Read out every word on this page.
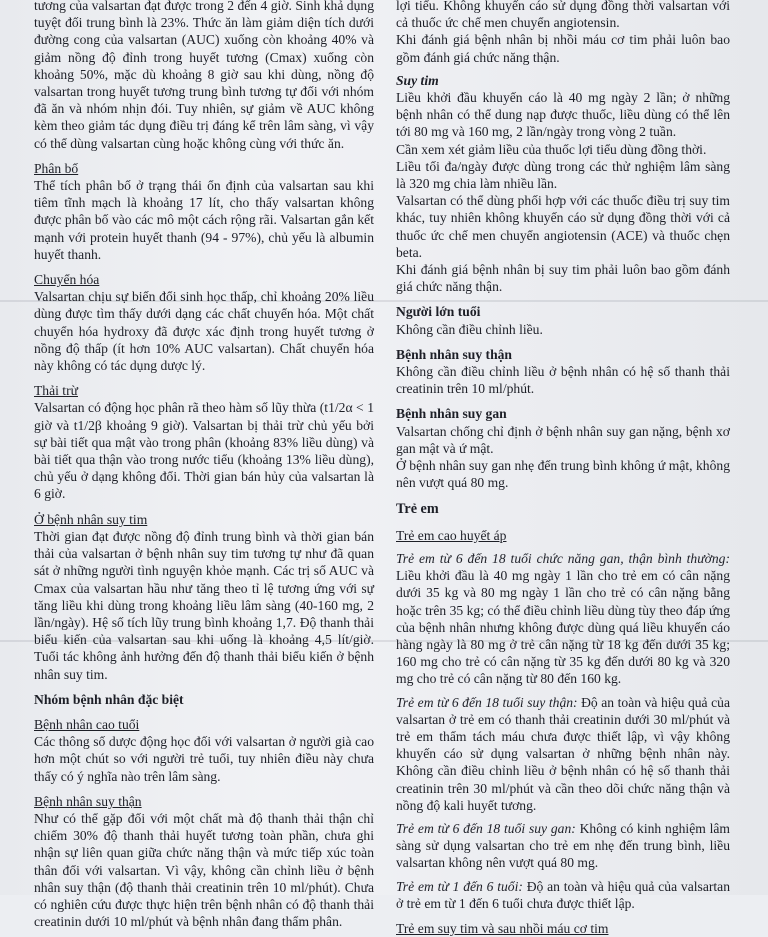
tương của valsartan đạt được trong 2 đến 4 giờ. Sinh khả dụng tuyệt đối trung bình là 23%. Thức ăn làm giảm diện tích dưới đường cong của valsartan (AUC) xuống còn khoảng 40% và giảm nồng độ đỉnh trong huyết tương (Cmax) xuống còn khoảng 50%, mặc dù khoảng 8 giờ sau khi dùng, nồng độ valsartan trong huyết tương trung bình tương tự đối với nhóm đã ăn và nhóm nhịn đói. Tuy nhiên, sự giảm về AUC không kèm theo giảm tác dụng điều trị đáng kể trên lâm sàng, vì vậy có thể dùng valsartan cùng hoặc không cùng với thức ăn.

Phân bố

Thể tích phân bố ở trạng thái ổn định của valsartan sau khi tiêm tĩnh mạch là khoảng 17 lít, cho thấy valsartan không được phân bố vào các mô một cách rộng rãi. Valsartan gắn kết mạnh với protein huyết thanh (94 - 97%), chủ yếu là albumin huyết thanh.

Chuyển hóa

Valsartan chịu sự biến đổi sinh học thấp, chỉ khoảng 20% liều dùng được tìm thấy dưới dạng các chất chuyển hóa. Một chất chuyển hóa hydroxy đã được xác định trong huyết tương ở nồng độ thấp (ít hơn 10% AUC valsartan). Chất chuyển hóa này không có tác dụng dược lý.

Thải trừ

Valsartan có động học phân rã theo hàm số lũy thừa (t1/2α < 1 giờ và t1/2β khoảng 9 giờ). Valsartan bị thải trừ chủ yếu bởi sự bài tiết qua mật vào trong phân (khoảng 83% liều dùng) và bài tiết qua thận vào trong nước tiểu (khoảng 13% liều dùng), chủ yếu ở dạng không đổi. Thời gian bán hủy của valsartan là 6 giờ.

Ở bệnh nhân suy tim

Thời gian đạt được nồng độ đỉnh trung bình và thời gian bán thải của valsartan ở bệnh nhân suy tim tương tự như đã quan sát ở những người tình nguyện khỏe mạnh. Các trị số AUC và Cmax của valsartan hầu như tăng theo tỉ lệ tương ứng với sự tăng liều khi dùng trong khoảng liều lâm sàng (40-160 mg, 2 lần/ngày). Hệ số tích lũy trung bình khoảng 1,7. Độ thanh thải biểu kiến của valsartan sau khi uống là khoảng 4,5 lít/giờ. Tuổi tác không ảnh hưởng đến độ thanh thải biểu kiến ở bệnh nhân suy tim.

Nhóm bệnh nhân đặc biệt

Bệnh nhân cao tuổi

Các thông số dược động học đối với valsartan ở người già cao hơn một chút so với người trẻ tuổi, tuy nhiên điều này chưa thấy có ý nghĩa nào trên lâm sàng.

Bệnh nhân suy thận

Như có thể gặp đối với một chất mà độ thanh thải thận chỉ chiếm 30% độ thanh thải huyết tương toàn phần, chưa ghi nhận sự liên quan giữa chức năng thận và mức tiếp xúc toàn thân đối với valsartan. Vì vậy, không cần chỉnh liều ở bệnh nhân suy thận (độ thanh thải creatinin trên 10 ml/phút). Chưa có nghiên cứu được thực hiện trên bệnh nhân có độ thanh thải creatinin dưới 10 ml/phút và bệnh nhân đang thẩm phân.

lợi tiểu. Không khuyến cáo sử dụng đồng thời valsartan với cả thuốc ức chế men chuyển angiotensin.

Khi đánh giá bệnh nhân bị nhồi máu cơ tim phải luôn bao gồm đánh giá chức năng thận.

Suy tim

Liều khởi đầu khuyến cáo là 40 mg ngày 2 lần; ở những bệnh nhân có thể dung nạp được thuốc, liều dùng có thể lên tới 80 mg và 160 mg, 2 lần/ngày trong vòng 2 tuần.

Cần xem xét giảm liều của thuốc lợi tiểu dùng đồng thời.

Liều tối đa/ngày được dùng trong các thử nghiệm lâm sàng là 320 mg chia làm nhiều lần.

Valsartan có thể dùng phối hợp với các thuốc điều trị suy tim khác, tuy nhiên không khuyến cáo sử dụng đồng thời với cả thuốc ức chế men chuyển angiotensin (ACE) và thuốc chẹn beta.

Khi đánh giá bệnh nhân bị suy tim phải luôn bao gồm đánh giá chức năng thận.

Người lớn tuổi

Không cần điều chỉnh liều.

Bệnh nhân suy thận

Không cần điều chỉnh liều ở bệnh nhân có hệ số thanh thải creatinin trên 10 ml/phút.

Bệnh nhân suy gan

Valsartan chống chỉ định ở bệnh nhân suy gan nặng, bệnh xơ gan mật và ứ mật.

Ở bệnh nhân suy gan nhẹ đến trung bình không ứ mật, không nên vượt quá 80 mg.

Trẻ em

Trẻ em cao huyết áp

Trẻ em từ 6 đến 18 tuổi chức năng gan, thận bình thường: Liều khởi đầu là 40 mg ngày 1 lần cho trẻ em có cân nặng dưới 35 kg và 80 mg ngày 1 lần cho trẻ có cân nặng bằng hoặc trên 35 kg; có thể điều chỉnh liều dùng tùy theo đáp ứng của bệnh nhân nhưng không được dùng quá liều khuyến cáo hàng ngày là 80 mg ở trẻ cân nặng từ 18 kg đến dưới 35 kg; 160 mg cho trẻ có cân nặng từ 35 kg đến dưới 80 kg và 320 mg cho trẻ có cân nặng từ 80 đến 160 kg.

Trẻ em từ 6 đến 18 tuổi suy thận: Độ an toàn và hiệu quả của valsartan ở trẻ em có thanh thải creatinin dưới 30 ml/phút và trẻ em thẩm tách máu chưa được thiết lập, vì vậy không khuyến cáo sử dụng valsartan ở những bệnh nhân này. Không cần điều chỉnh liều ở bệnh nhân có hệ số thanh thải creatinin trên 30 ml/phút và cần theo dõi chức năng thận và nồng độ kali huyết tương.

Trẻ em từ 6 đến 18 tuổi suy gan: Không có kinh nghiệm lâm sàng sử dụng valsartan cho trẻ em nhẹ đến trung bình, liều valsartan không nên vượt quá 80 mg.

Trẻ em từ 1 đến 6 tuổi: Độ an toàn và hiệu quả của valsartan ở trẻ em từ 1 đến 6 tuổi chưa được thiết lập.

Trẻ em suy tim và sau nhồi máu cơ tim
